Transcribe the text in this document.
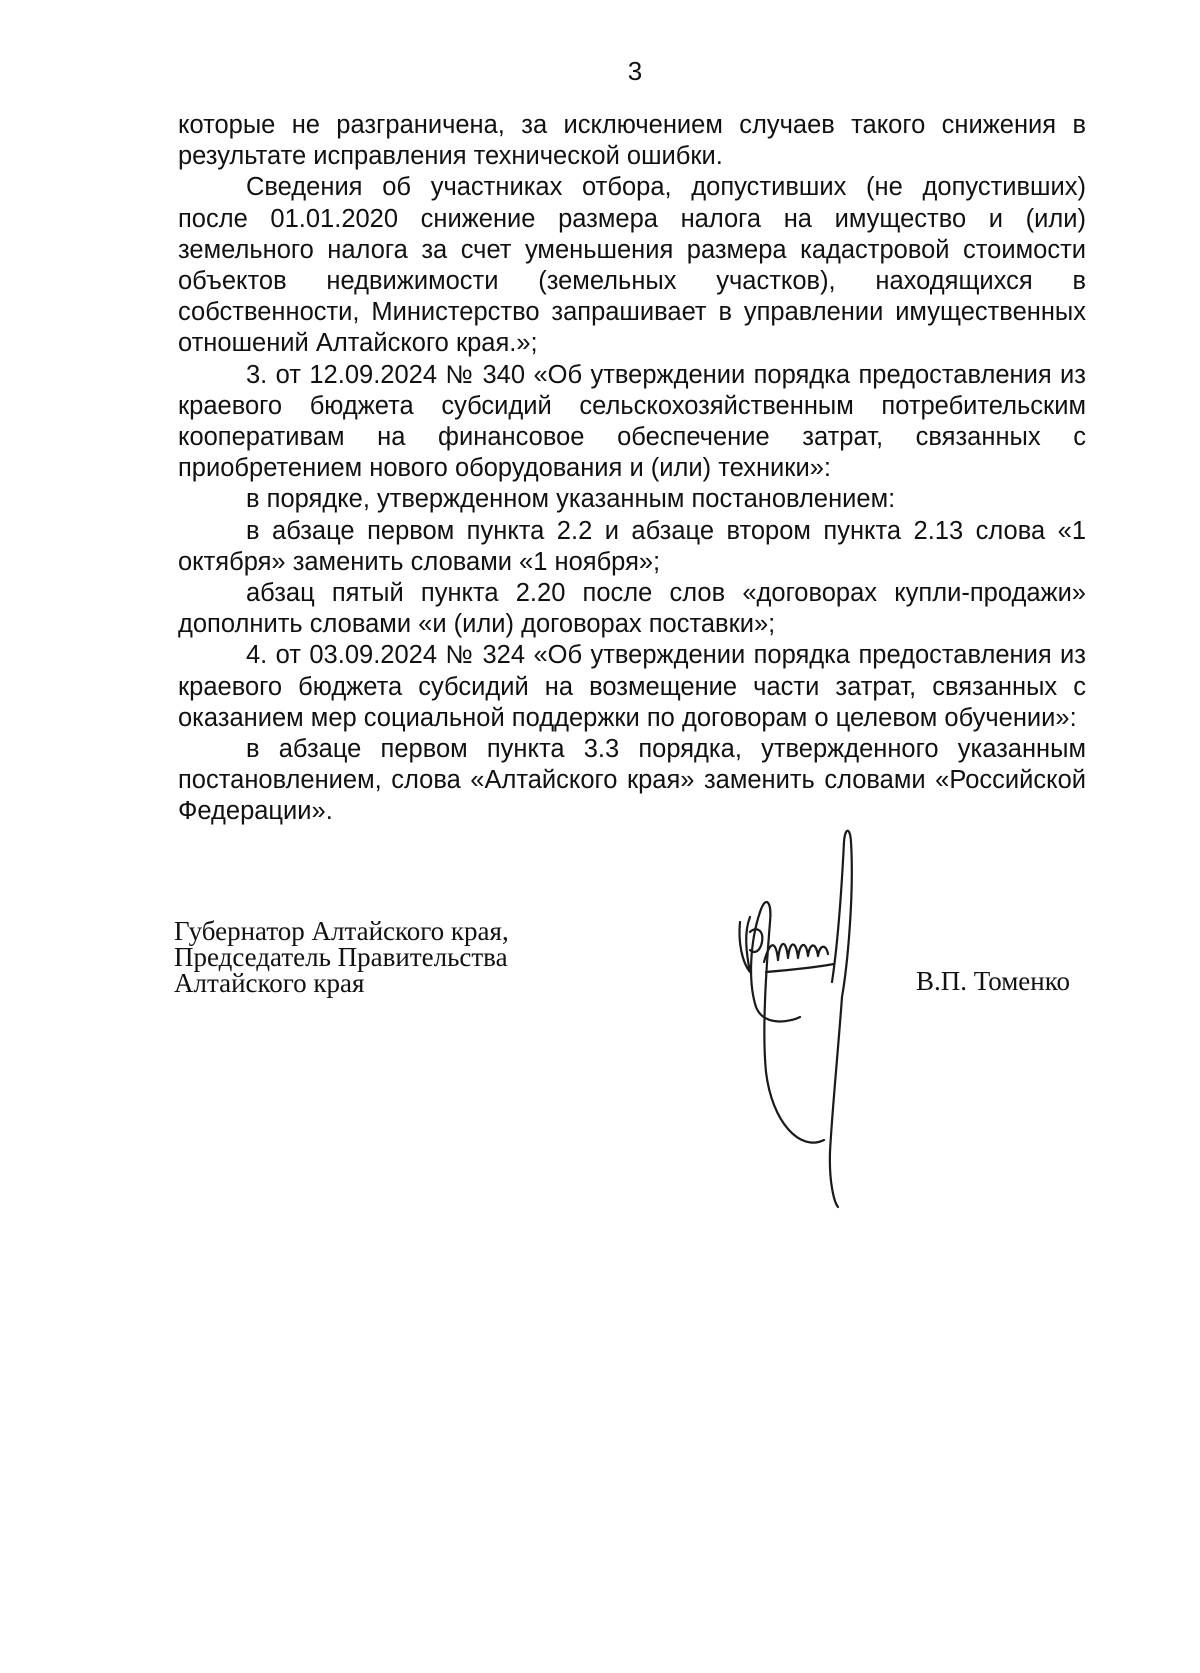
3

которые не разграничена, за исключением случаев такого снижения в результате исправления технической ошибки.

Сведения об участниках отбора, допустивших (не допустивших) после 01.01.2020 снижение размера налога на имущество и (или) земельного налога за счет уменьшения размера кадастровой стоимости объектов недвижимости (земельных участков), находящихся в собственности, Министерство запрашивает в управлении имущественных отношений Алтайского края.»;

3. от 12.09.2024 № 340 «Об утверждении порядка предоставления из краевого бюджета субсидий сельскохозяйственным потребительским кооперативам на финансовое обеспечение затрат, связанных с приобретением нового оборудования и (или) техники»:

в порядке, утвержденном указанным постановлением:

в абзаце первом пункта 2.2 и абзаце втором пункта 2.13 слова «1 октября» заменить словами «1 ноября»;

абзац пятый пункта 2.20 после слов «договорах купли-продажи» дополнить словами «и (или) договорах поставки»;

4. от 03.09.2024 № 324 «Об утверждении порядка предоставления из краевого бюджета субсидий на возмещение части затрат, связанных с оказанием мер социальной поддержки по договорам о целевом обучении»:

в абзаце первом пункта 3.3 порядка, утвержденного указанным постановлением, слова «Алтайского края» заменить словами «Российской Федерации».

Губернатор Алтайского края,
Председатель Правительства
Алтайского края	В.П. Томенко
